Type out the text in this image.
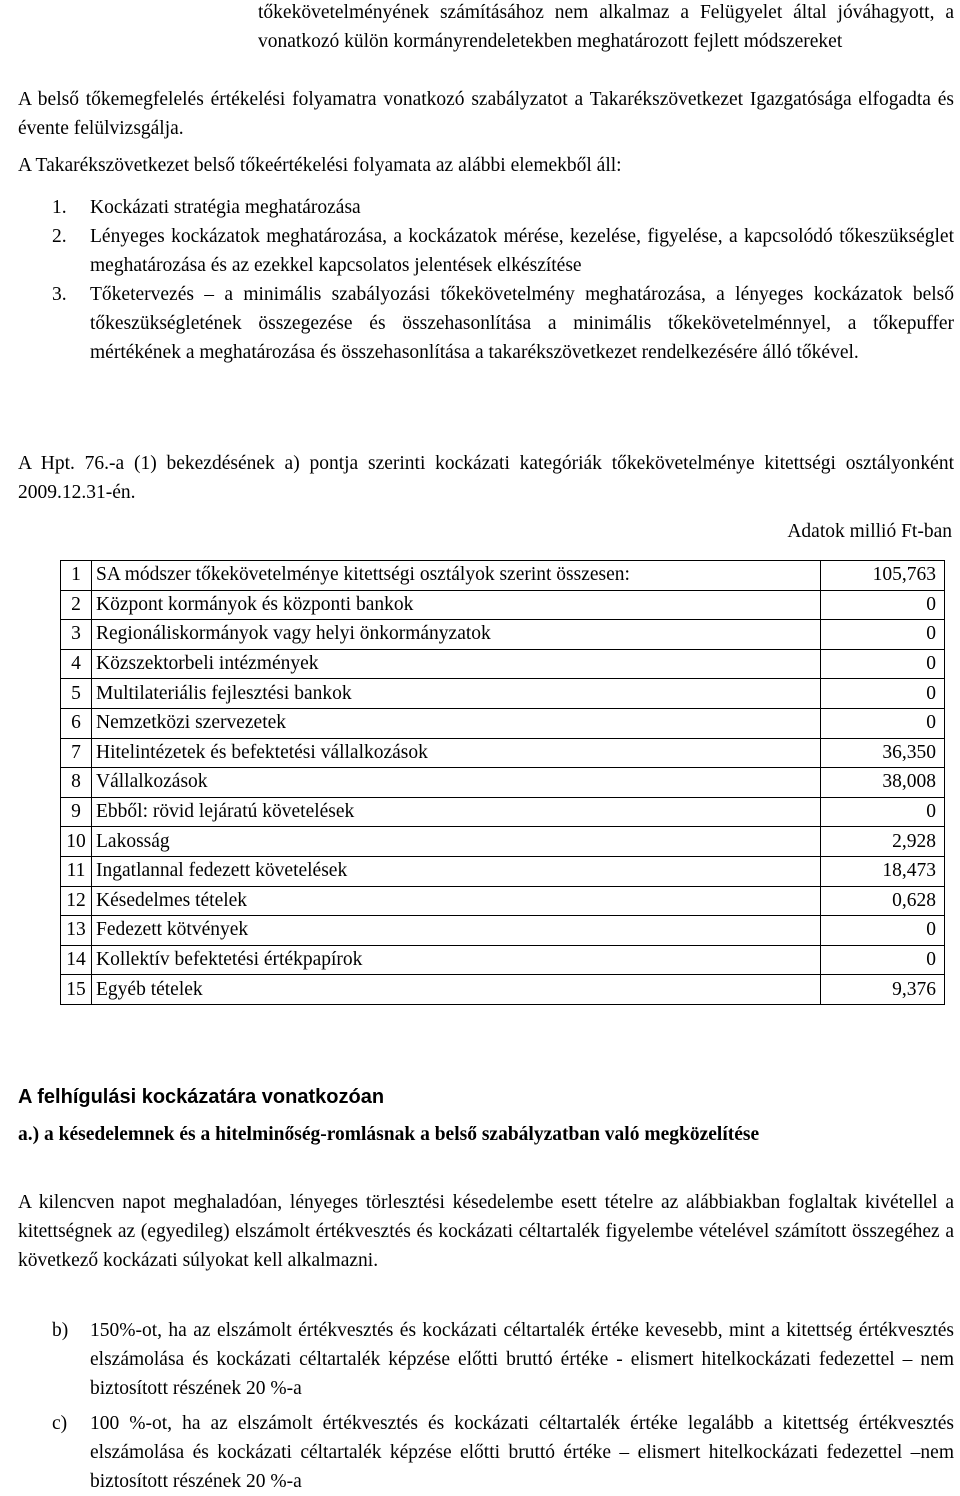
tőkekövetelményének számításához nem alkalmaz a Felügyelet által jóváhagyott, a vonatkozó külön kormányrendeletekben meghatározott fejlett módszereket

A belső tőkemegfelelés értékelési folyamatra vonatkozó szabályzatot a Takarékszövetkezet Igazgatósága elfogadta és évente felülvizsgálja.

A Takarékszövetkezet belső tőkeértékelési folyamata az alábbi elemekből áll:

1. Kockázati stratégia meghatározása

2. Lényeges kockázatok meghatározása, a kockázatok mérése, kezelése, figyelése, a kapcsolódó tőkeszükséglet meghatározása és az ezekkel kapcsolatos jelentések elkészítése

3. Tőketervezés – a minimális szabályozási tőkekövetelmény meghatározása, a lényeges kockázatok belső tőkeszükségletének összegezése és összehasonlítása a minimális tőkekövetelménnyel, a tőkepuffer mértékének a meghatározása és összehasonlítása a takarékszövetkezet rendelkezésére álló tőkével.

A Hpt. 76.-a (1) bekezdésének a) pontja szerinti kockázati kategóriák tőkekövetelménye kitettségi osztályonként 2009.12.31-én.

Adatok millió Ft-ban
1	SA módszer tőkekövetelménye kitettségi osztályok szerint összesen:	105,763
2	Központ kormányok és központi bankok	0
3	Regionáliskormányok vagy helyi önkormányzatok	0
4	Közszektorbeli intézmények	0
5	Multilateriális fejlesztési bankok	0
6	Nemzetközi szervezetek	0
7	Hitelintézetek és befektetési vállalkozások	36,350
8	Vállalkozások	38,008
9	Ebből: rövid lejáratú követelések	0
10	Lakosság	2,928
11	Ingatlannal fedezett követelések	18,473
12	Késedelmes tételek	0,628
13	Fedezett kötvények	0
14	Kollektív befektetési értékpapírok	0
15	Egyéb tételek	9,376
A felhígulási kockázatára vonatkozóan

a.) a késedelemnek és a hitelminőség-romlásnak a belső szabályzatban való megközelítése

A kilencven napot meghaladóan, lényeges törlesztési késedelembe esett tételre az alábbiakban foglaltak kivétellel a kitettségnek az (egyedileg) elszámolt értékvesztés és kockázati céltartalék figyelembe vételével számított összegéhez a következő kockázati súlyokat kell alkalmazni.

b) 150%-ot, ha az elszámolt értékvesztés és kockázati céltartalék értéke kevesebb, mint a kitettség értékvesztés elszámolása és kockázati céltartalék képzése előtti bruttó értéke - elismert hitelkockázati fedezettel – nem biztosított részének 20 %-a

c) 100 %-ot, ha az elszámolt értékvesztés és kockázati céltartalék értéke legalább a kitettség értékvesztés elszámolása és kockázati céltartalék képzése előtti bruttó értéke – elismert hitelkockázati fedezettel –nem biztosított részének 20 %-a
